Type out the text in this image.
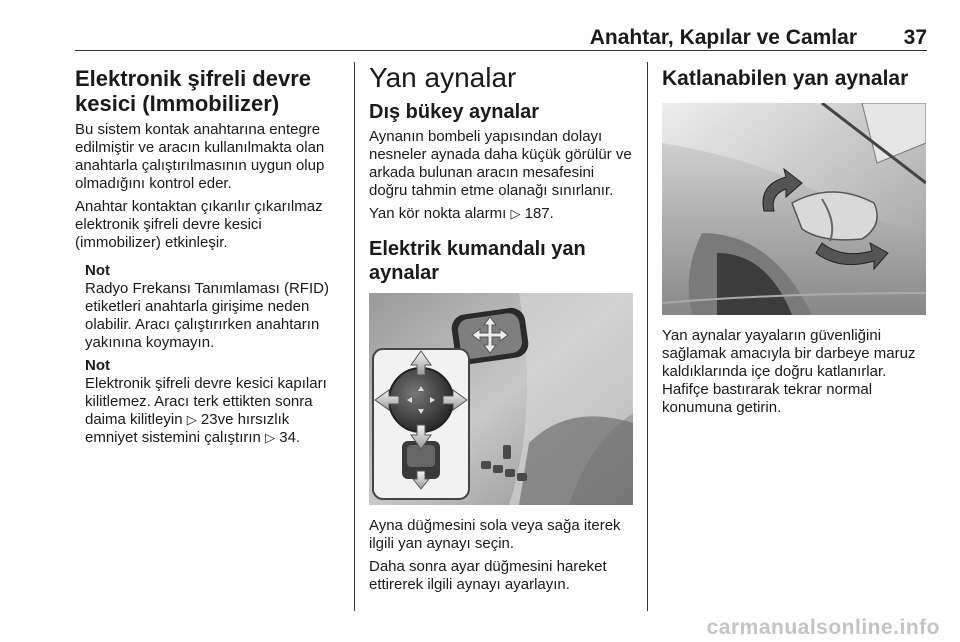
Anahtar, Kapılar ve Camlar 37
Elektronik şifreli devre kesici (Immobilizer)

Bu sistem kontak anahtarına entegre edilmiştir ve aracın kullanılmakta olan anahtarla çalıştırılmasının uygun olup olmadığını kontrol eder.

Anahtar kontaktan çıkarılır çıkarılmaz elektronik şifreli devre kesici (immobilizer) etkinleşir.

Not

Radyo Frekansı Tanımlaması (RFID) etiketleri anahtarla girişime neden olabilir. Aracı çalıştırırken anahtarın yakınına koymayın.

Not

Elektronik şifreli devre kesici kapıları kilitlemez. Aracı terk ettikten sonra daima kilitleyin ▷ 23ve hırsızlık emniyet sistemini çalıştırın ▷ 34.

Yan aynalar
Dış bükey aynalar

Aynanın bombeli yapısından dolayı nesneler aynada daha küçük görülür ve arkada bulunan aracın mesafesini doğru tahmin etme olanağı sınırlanır.

Yan kör nokta alarmı ▷ 187.

Elektrik kumandalı yan aynalar

Ayna düğmesini sola veya sağa iterek ilgili yan aynayı seçin.

Daha sonra ayar düğmesini hareket ettirerek ilgili aynayı ayarlayın.

Katlanabilen yan aynalar

Yan aynalar yayaların güvenliğini sağlamak amacıyla bir darbeye maruz kaldıklarında içe doğru katlanırlar. Hafifçe bastırarak tekrar normal konumuna getirin.

carmanualsonline.info
